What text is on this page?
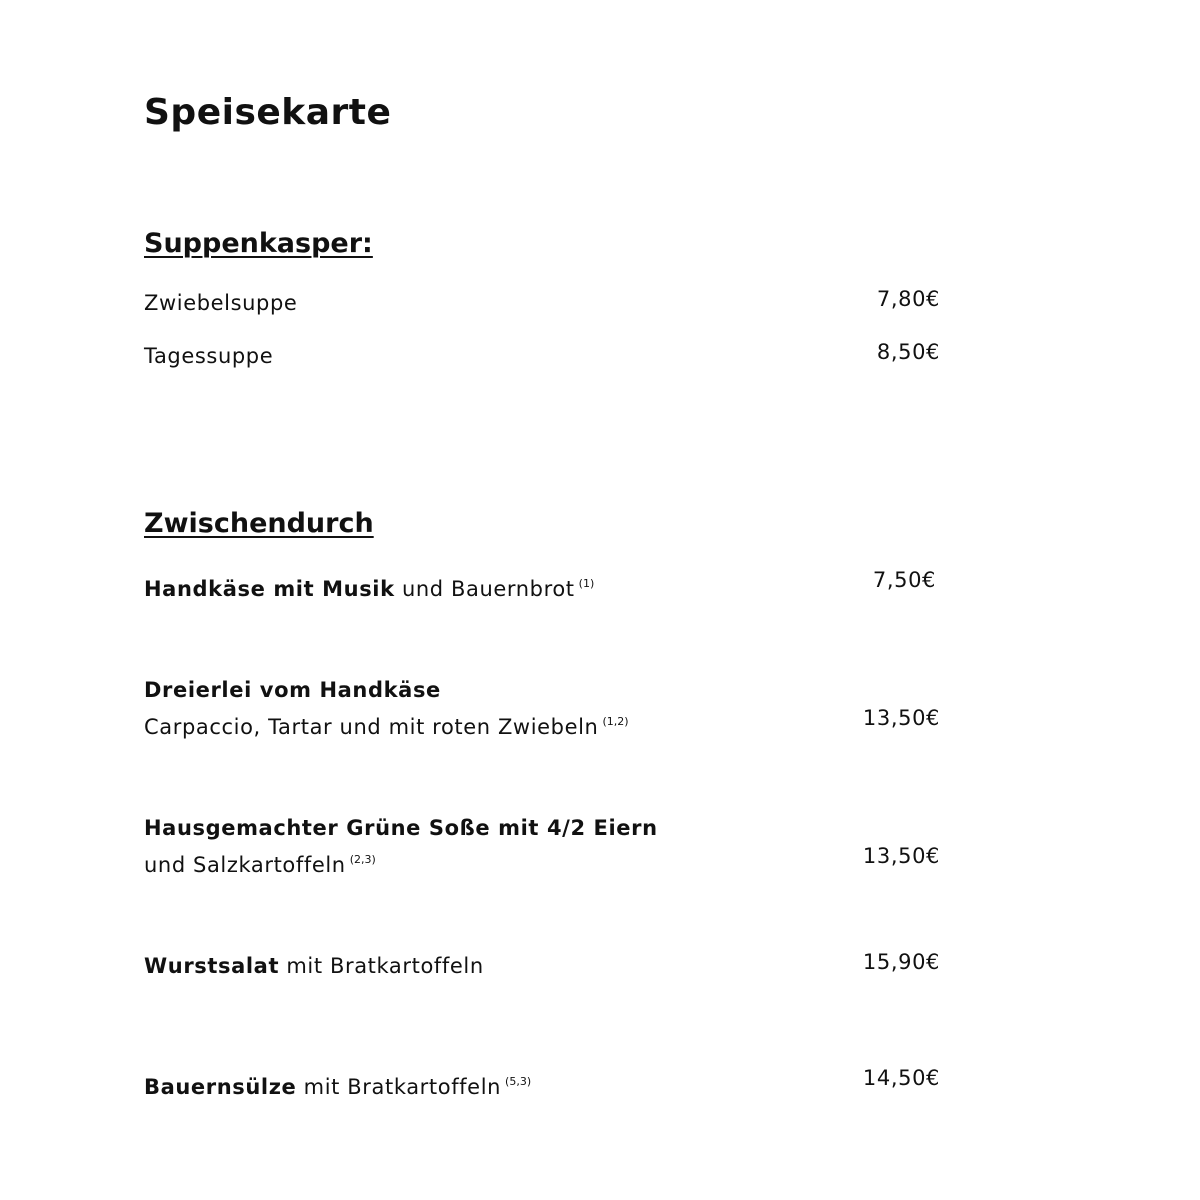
Speisekarte
Suppenkasper:
Zwiebelsuppe	7,80€
Tagessuppe	8,50€
Zwischendurch
Handkäse mit Musik und Bauernbrot $^{(1)}$	7,50€
Dreierlei vom Handkäse
Carpaccio, Tartar und mit roten Zwiebeln $^{(1,2)}$	13,50€
Hausgemachter Grüne Soße mit 4/2 Eiern
und Salzkartoffeln $^{(2,3)}$	13,50€
Wurstsalat mit Bratkartoffeln	15,90€
Bauernsülze mit Bratkartoffeln $^{(5,3)}$	14,50€
